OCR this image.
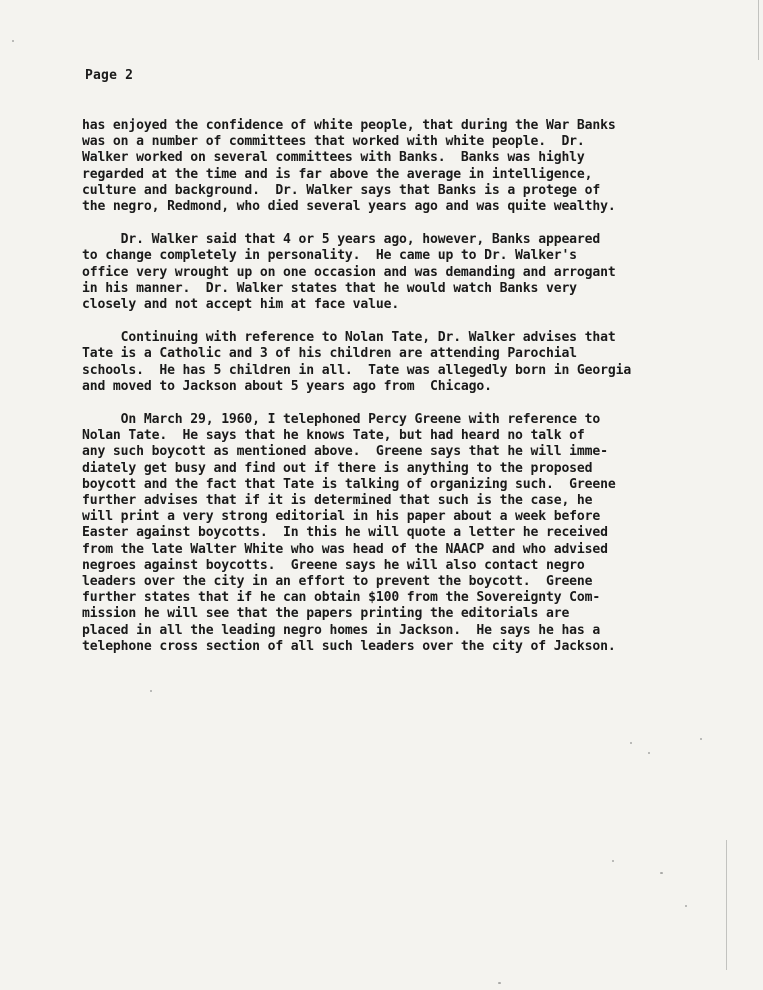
Page 2
has enjoyed the confidence of white people, that during the War Banks
was on a number of committees that worked with white people.  Dr.
Walker worked on several committees with Banks.  Banks was highly
regarded at the time and is far above the average in intelligence,
culture and background.  Dr. Walker says that Banks is a protege of
the negro, Redmond, who died several years ago and was quite wealthy.
Dr. Walker said that 4 or 5 years ago, however, Banks appeared
to change completely in personality.  He came up to Dr. Walker's
office very wrought up on one occasion and was demanding and arrogant
in his manner.  Dr. Walker states that he would watch Banks very
closely and not accept him at face value.
Continuing with reference to Nolan Tate, Dr. Walker advises that
Tate is a Catholic and 3 of his children are attending Parochial
schools.  He has 5 children in all.  Tate was allegedly born in Georgia
and moved to Jackson about 5 years ago from  Chicago.
On March 29, 1960, I telephoned Percy Greene with reference to
Nolan Tate.  He says that he knows Tate, but had heard no talk of
any such boycott as mentioned above.  Greene says that he will imme-
diately get busy and find out if there is anything to the proposed
boycott and the fact that Tate is talking of organizing such.  Greene
further advises that if it is determined that such is the case, he
will print a very strong editorial in his paper about a week before
Easter against boycotts.  In this he will quote a letter he received
from the late Walter White who was head of the NAACP and who advised
negroes against boycotts.  Greene says he will also contact negro
leaders over the city in an effort to prevent the boycott.  Greene
further states that if he can obtain $100 from the Sovereignty Com-
mission he will see that the papers printing the editorials are
placed in all the leading negro homes in Jackson.  He says he has a
telephone cross section of all such leaders over the city of Jackson.
